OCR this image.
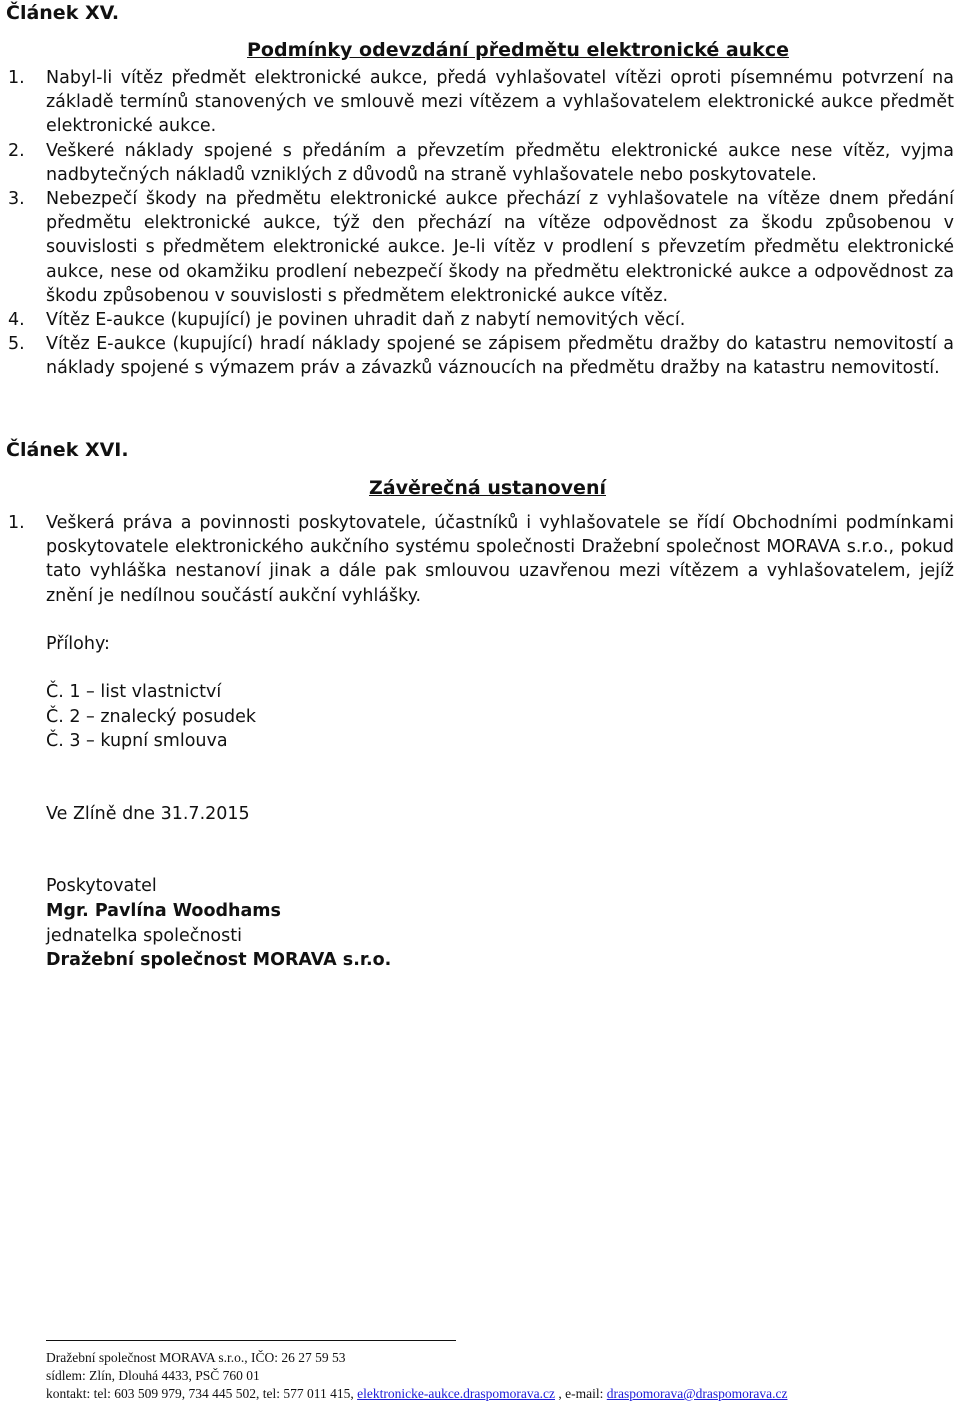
Článek XV.
Podmínky odevzdání předmětu elektronické aukce
1. Nabyl-li vítěz předmět elektronické aukce, předá vyhlašovatel vítězi oproti písemnému potvrzení na základě termínů stanovených ve smlouvě mezi vítězem a vyhlašovatelem elektronické aukce předmět elektronické aukce.
2. Veškeré náklady spojené s předáním a převzetím předmětu elektronické aukce nese vítěz, vyjma nadbytečných nákladů vzniklých z důvodů na straně vyhlašovatele nebo poskytovatele.
3. Nebezpečí škody na předmětu elektronické aukce přechází z vyhlašovatele na vítěze dnem předání předmětu elektronické aukce, týž den přechází na vítěze odpovědnost za škodu způsobenou v souvislosti s předmětem elektronické aukce. Je-li vítěz v prodlení s převzetím předmětu elektronické aukce, nese od okamžiku prodlení nebezpečí škody na předmětu elektronické aukce a odpovědnost za škodu způsobenou v souvislosti s předmětem elektronické aukce vítěz.
4. Vítěz E-aukce (kupující) je povinen uhradit daň z nabytí nemovitých věcí.
5. Vítěz E-aukce (kupující) hradí náklady spojené se zápisem předmětu dražby do katastru nemovitostí a náklady spojené s výmazem práv a závazků váznoucích na předmětu dražby na katastru nemovitostí.
Článek XVI.
Závěrečná ustanovení
1. Veškerá práva a povinnosti poskytovatele, účastníků i vyhlašovatele se řídí Obchodními podmínkami poskytovatele elektronického aukčního systému společnosti Dražební společnost MORAVA s.r.o., pokud tato vyhláška nestanoví jinak a dále pak smlouvou uzavřenou mezi vítězem a vyhlašovatelem, jejíž znění je nedílnou součástí aukční vyhlášky.
Přílohy:
Č. 1 – list vlastnictví
Č. 2 – znalecký posudek
Č. 3 – kupní smlouva
Ve Zlíně dne 31.7.2015
Poskytovatel
Mgr. Pavlína Woodhams
jednatelka společnosti
Dražební společnost MORAVA s.r.o.
Dražební společnost MORAVA s.r.o., IČO: 26 27 59 53
sídlem: Zlín, Dlouhá 4433, PSČ 760 01
kontakt: tel: 603 509 979, 734 445 502, tel: 577 011 415, elektronicke-aukce.draspomorava.cz , e-mail: draspomorava@draspomorava.cz
